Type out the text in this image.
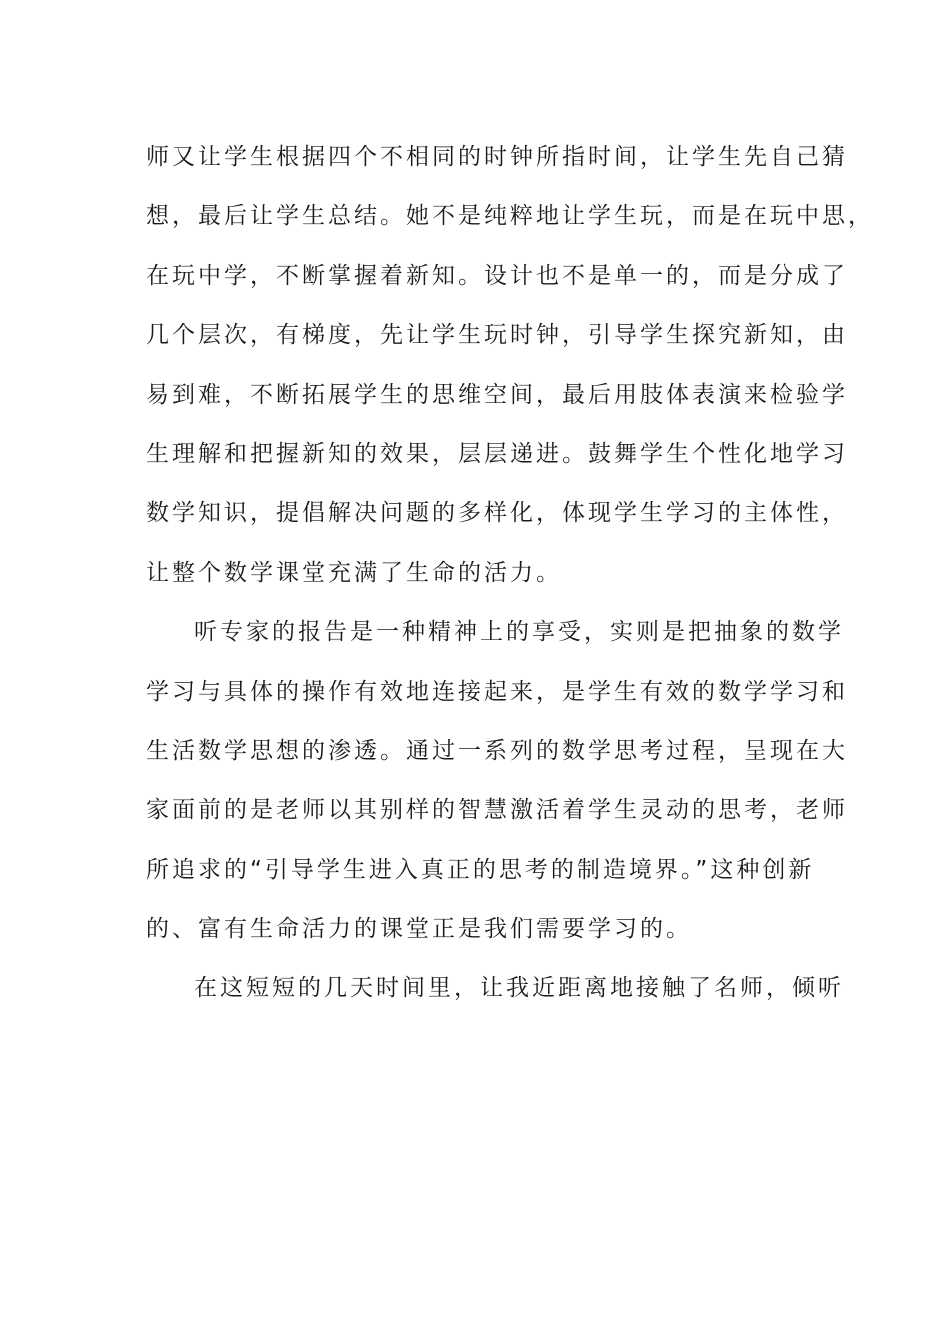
师又让学生根据四个不相同的时钟所指时间，让学生先自己猜
想，最后让学生总结。她不是纯粹地让学生玩，而是在玩中思，
在玩中学，不断掌握着新知。设计也不是单一的，而是分成了
几个层次，有梯度，先让学生玩时钟，引导学生探究新知，由
易到难，不断拓展学生的思维空间，最后用肢体表演来检验学
生理解和把握新知的效果，层层递进。鼓舞学生个性化地学习
数学知识，提倡解决问题的多样化，体现学生学习的主体性，
让整个数学课堂充满了生命的活力。
听专家的报告是一种精神上的享受，实则是把抽象的数学
学习与具体的操作有效地连接起来，是学生有效的数学学习和
生活数学思想的渗透。通过一系列的数学思考过程，呈现在大
家面前的是老师以其别样的智慧激活着学生灵动的思考，老师
所追求的“引导学生进入真正的思考的制造境界。”这种创新
的、富有生命活力的课堂正是我们需要学习的。
在这短短的几天时间里，让我近距离地接触了名师，倾听
